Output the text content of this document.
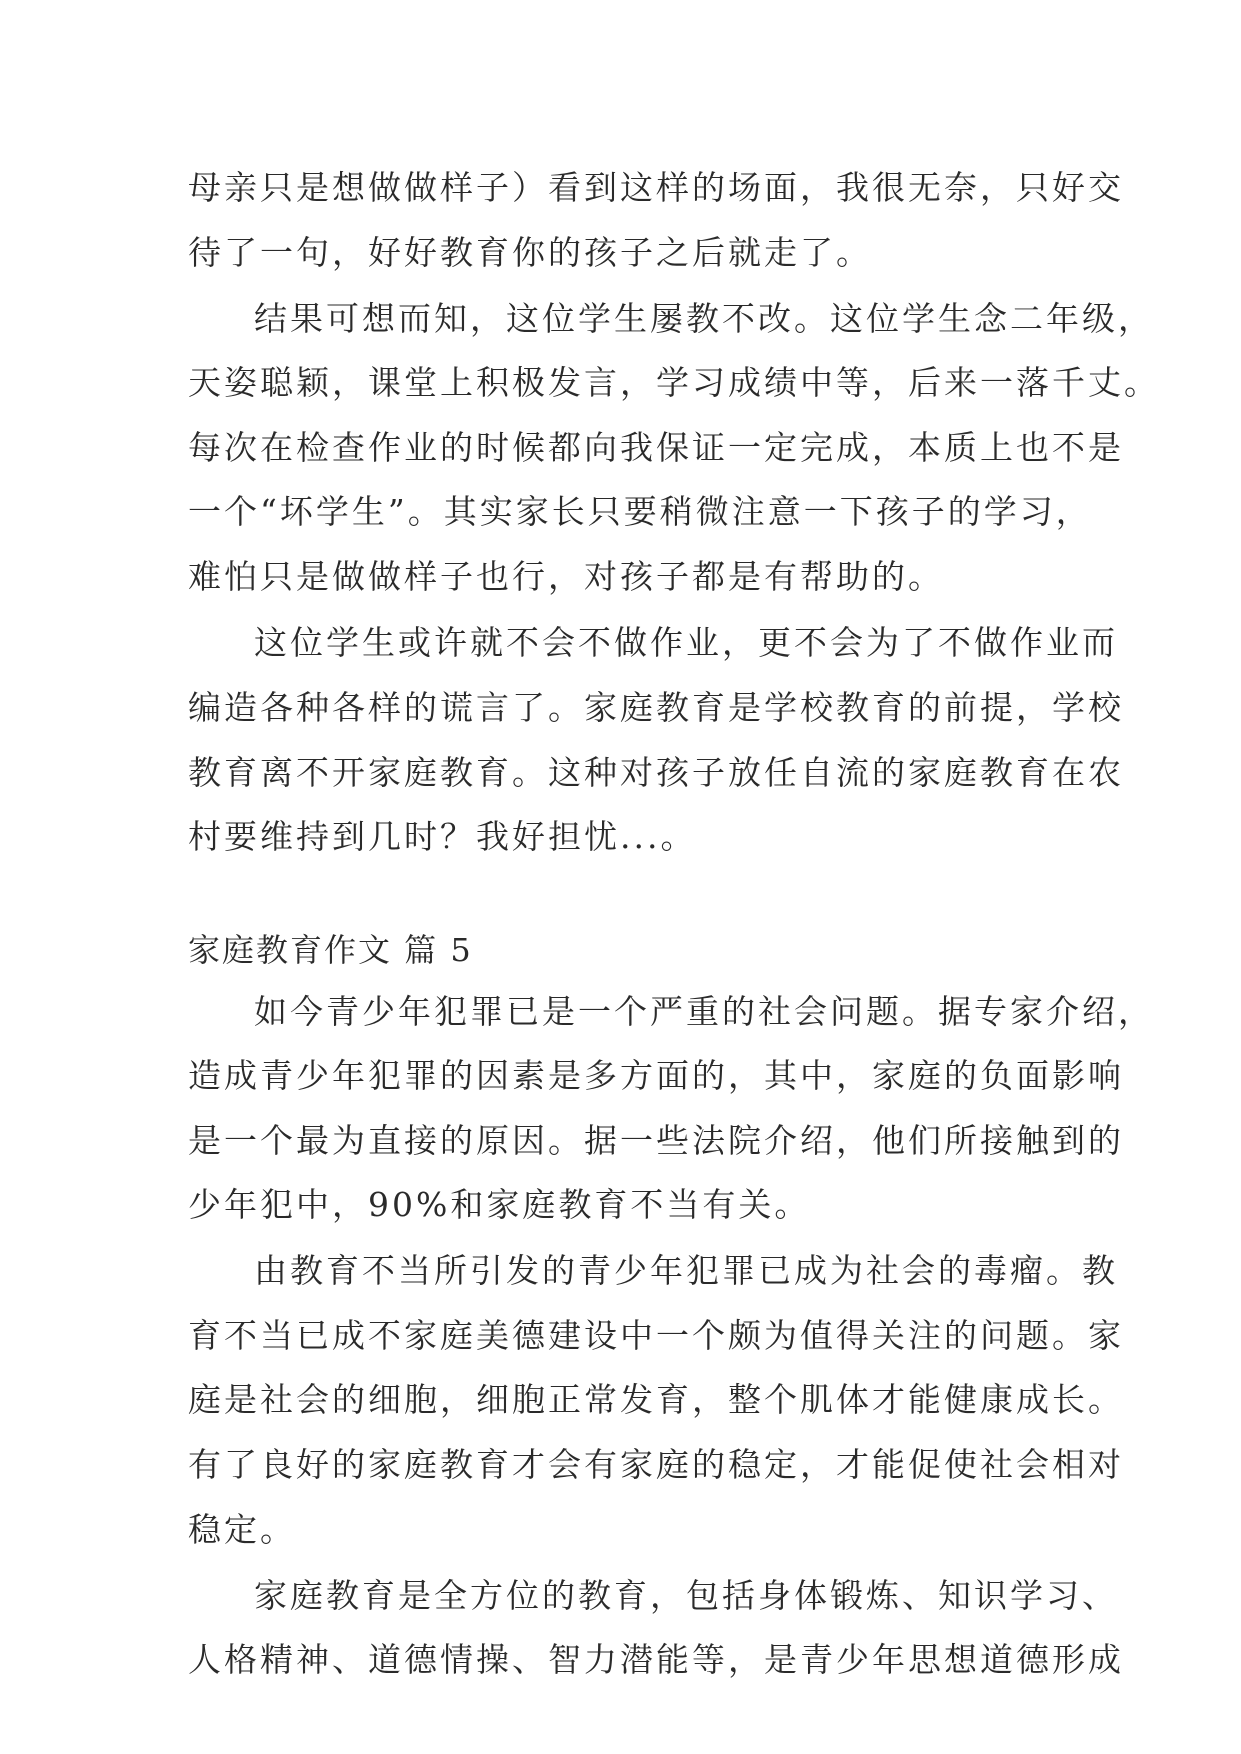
母亲只是想做做样子）看到这样的场面，我很无奈，只好交
待了一句，好好教育你的孩子之后就走了。
结果可想而知，这位学生屡教不改。这位学生念二年级，
天姿聪颖，课堂上积极发言，学习成绩中等，后来一落千丈。
每次在检查作业的时候都向我保证一定完成，本质上也不是
一个“坏学生”。其实家长只要稍微注意一下孩子的学习，
难怕只是做做样子也行，对孩子都是有帮助的。
这位学生或许就不会不做作业，更不会为了不做作业而
编造各种各样的谎言了。家庭教育是学校教育的前提，学校
教育离不开家庭教育。这种对孩子放任自流的家庭教育在农
村要维持到几时？我好担忧...。
家庭教育作文 篇 5
如今青少年犯罪已是一个严重的社会问题。据专家介绍，
造成青少年犯罪的因素是多方面的，其中，家庭的负面影响
是一个最为直接的原因。据一些法院介绍，他们所接触到的
少年犯中，90%和家庭教育不当有关。
由教育不当所引发的青少年犯罪已成为社会的毒瘤。教
育不当已成不家庭美德建设中一个颇为值得关注的问题。家
庭是社会的细胞，细胞正常发育，整个肌体才能健康成长。
有了良好的家庭教育才会有家庭的稳定，才能促使社会相对
稳定。
家庭教育是全方位的教育，包括身体锻炼、知识学习、
人格精神、道德情操、智力潜能等，是青少年思想道德形成
